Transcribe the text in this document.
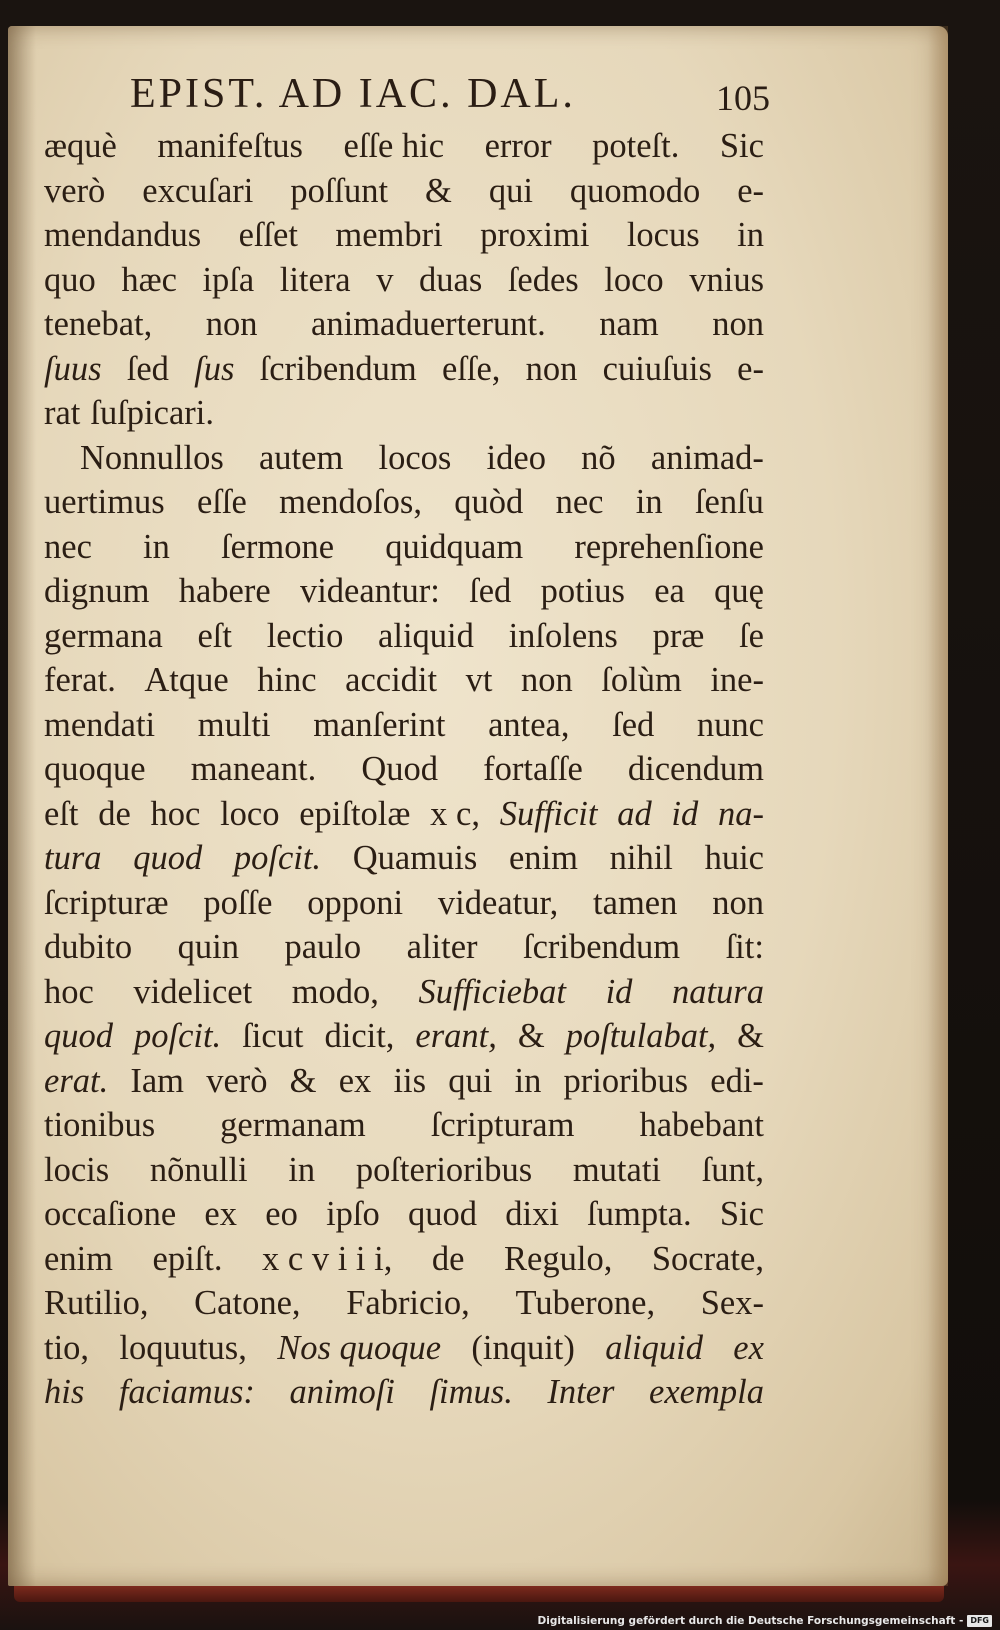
EPIST. AD IAC. DAL.	105
æquè manifeſtus eſſe hic error poteſt. Sic
verò excuſari poſſunt & qui quomodo e-
mendandus eſſet membri proximi locus in
quo hæc ipſa litera v duas ſedes loco vnius
tenebat, non animaduerterunt. nam non
ſuus ſed ſus ſcribendum eſſe, non cuiuſuis e-
rat ſuſpicari.
Nonnullos autem locos ideo nõ animad-
uertimus eſſe mendoſos, quòd nec in ſenſu
nec in ſermone quidquam reprehenſione
dignum habere videantur: ſed potius ea quę
germana eſt lectio aliquid inſolens præ ſe
ferat. Atque hinc accidit vt non ſolùm ine-
mendati multi manſerint antea, ſed nunc
quoque maneant. Quod fortaſſe dicendum
eſt de hoc loco epiſtolæ x c, Sufficit ad id na-
tura quod poſcit. Quamuis enim nihil huic
ſcripturæ poſſe opponi videatur, tamen non
dubito quin paulo aliter ſcribendum ſit:
hoc videlicet modo, Sufficiebat id natura
quod poſcit. ſicut dicit, erant, & poſtulabat, &
erat. Iam verò & ex iis qui in prioribus edi-
tionibus germanam ſcripturam habebant
locis nõnulli in poſterioribus mutati ſunt,
occaſione ex eo ipſo quod dixi ſumpta. Sic
enim epiſt. x c v i i i, de Regulo, Socrate,
Rutilio, Catone, Fabricio, Tuberone, Sex-
tio, loquutus, Nos quoque (inquit) aliquid ex
his faciamus: animoſi ſimus. Inter exempla
Digitalisierung gefördert durch die Deutsche Forschungsgemeinschaft - DFG
